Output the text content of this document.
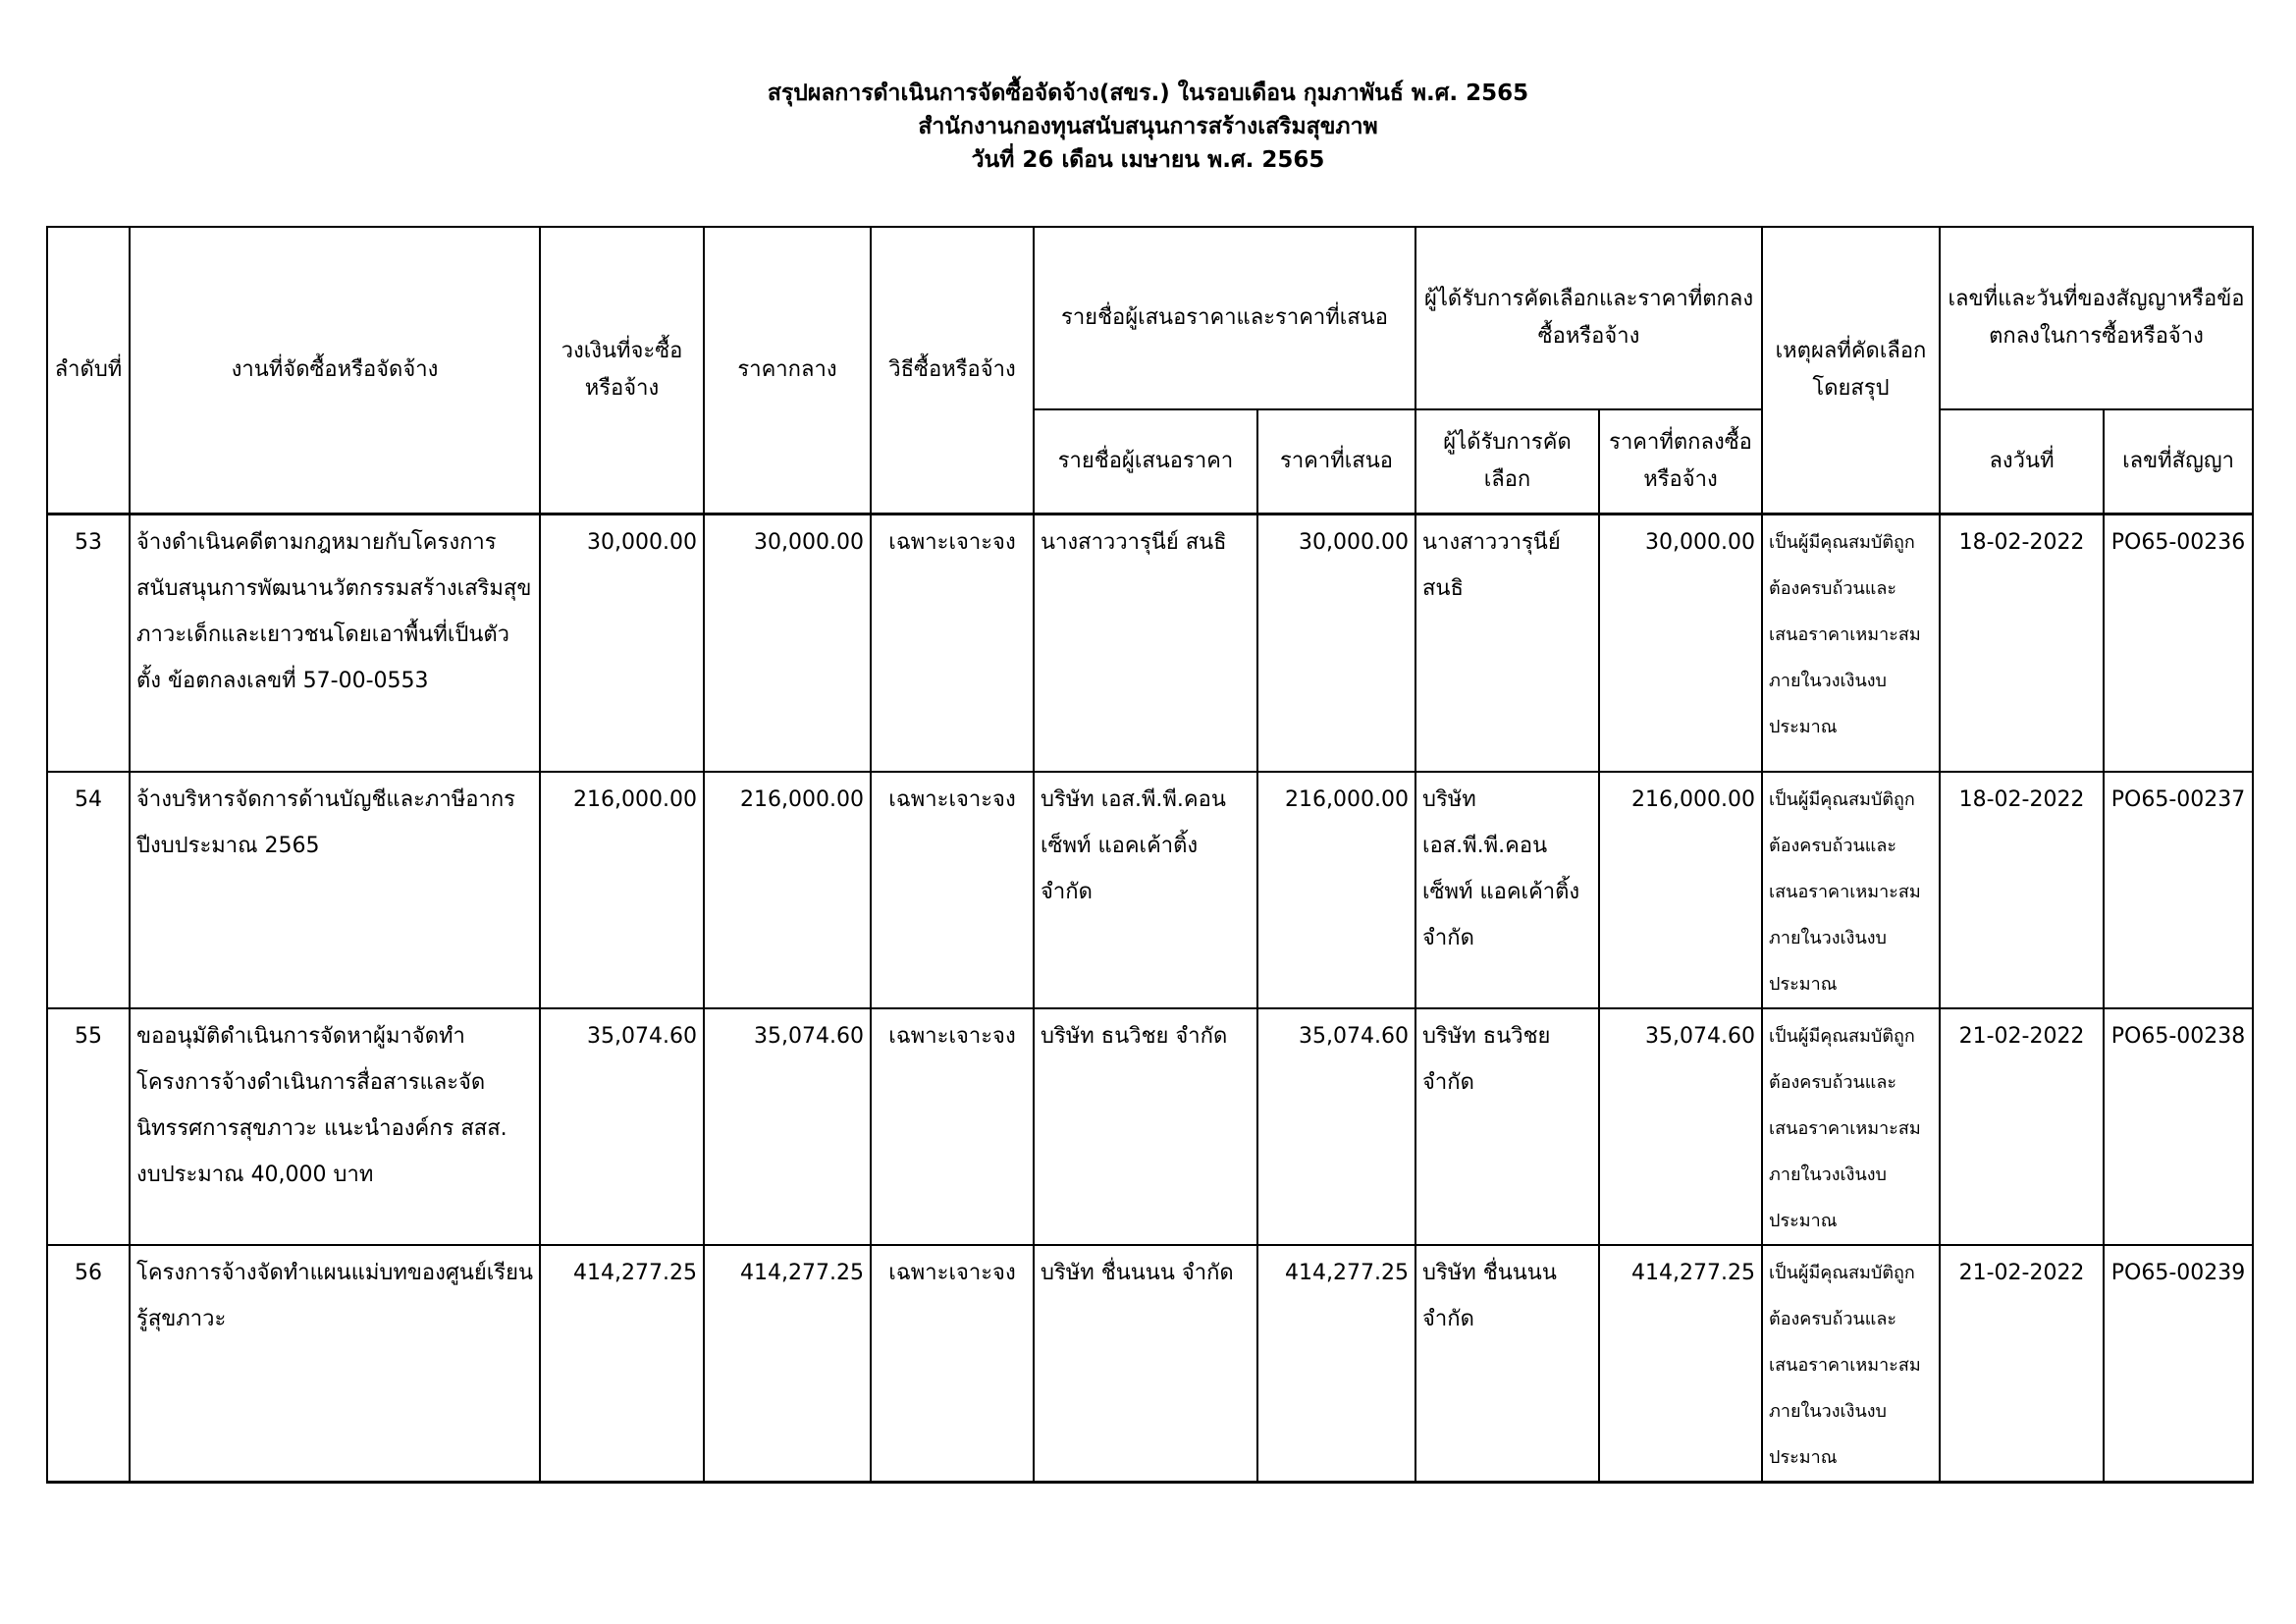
สรุปผลการดำเนินการจัดซื้อจัดจ้าง(สขร.) ในรอบเดือน กุมภาพันธ์ พ.ศ. 2565
สำนักงานกองทุนสนับสนุนการสร้างเสริมสุขภาพ
วันที่ 26 เดือน เมษายน พ.ศ. 2565
ลำดับที่	งานที่จัดซื้อหรือจัดจ้าง	วงเงินที่จะซื้อหรือจ้าง	ราคากลาง	วิธีซื้อหรือจ้าง	รายชื่อผู้เสนอราคาและราคาที่เสนอ		ผู้ได้รับการคัดเลือกและราคาที่ตกลงซื้อหรือจ้าง		เหตุผลที่คัดเลือกโดยสรุป	เลขที่และวันที่ของสัญญาหรือข้อตกลงในการซื้อหรือจ้าง	
					รายชื่อผู้เสนอราคา	ราคาที่เสนอ	ผู้ได้รับการคัดเลือก	ราคาที่ตกลงซื้อหรือจ้าง		ลงวันที่	เลขที่สัญญา
53	จ้างดำเนินคดีตามกฎหมายกับโครงการสนับสนุนการพัฒนานวัตกรรมสร้างเสริมสุขภาวะเด็กและเยาวชนโดยเอาพื้นที่เป็นตัวตั้ง ข้อตกลงเลขที่ 57-00-0553	30,000.00	30,000.00	เฉพาะเจาะจง	นางสาววารุนีย์ สนธิ	30,000.00	นางสาววารุนีย์ สนธิ	30,000.00	เป็นผู้มีคุณสมบัติถูกต้องครบถ้วนและเสนอราคาเหมาะสมภายในวงเงินงบประมาณ	18-02-2022	PO65-00236
54	จ้างบริหารจัดการด้านบัญชีและภาษีอากร ปีงบประมาณ 2565	216,000.00	216,000.00	เฉพาะเจาะจง	บริษัท เอส.พี.พี.คอนเซ็พท์ แอคเค้าติ้ง จำกัด	216,000.00	บริษัท เอส.พี.พี.คอนเซ็พท์ แอคเค้าติ้ง จำกัด	216,000.00	เป็นผู้มีคุณสมบัติถูกต้องครบถ้วนและเสนอราคาเหมาะสมภายในวงเงินงบประมาณ	18-02-2022	PO65-00237
55	ขออนุมัติดำเนินการจัดหาผู้มาจัดทำโครงการจ้างดำเนินการสื่อสารและจัดนิทรรศการสุขภาวะ แนะนำองค์กร สสส. งบประมาณ 40,000 บาท	35,074.60	35,074.60	เฉพาะเจาะจง	บริษัท ธนวิชย จำกัด	35,074.60	บริษัท ธนวิชย จำกัด	35,074.60	เป็นผู้มีคุณสมบัติถูกต้องครบถ้วนและเสนอราคาเหมาะสมภายในวงเงินงบประมาณ	21-02-2022	PO65-00238
56	โครงการจ้างจัดทำแผนแม่บทของศูนย์เรียนรู้สุขภาวะ	414,277.25	414,277.25	เฉพาะเจาะจง	บริษัท ชื่นนนน จำกัด	414,277.25	บริษัท ชื่นนนน จำกัด	414,277.25	เป็นผู้มีคุณสมบัติถูกต้องครบถ้วนและเสนอราคาเหมาะสมภายในวงเงินงบประมาณ	21-02-2022	PO65-00239
